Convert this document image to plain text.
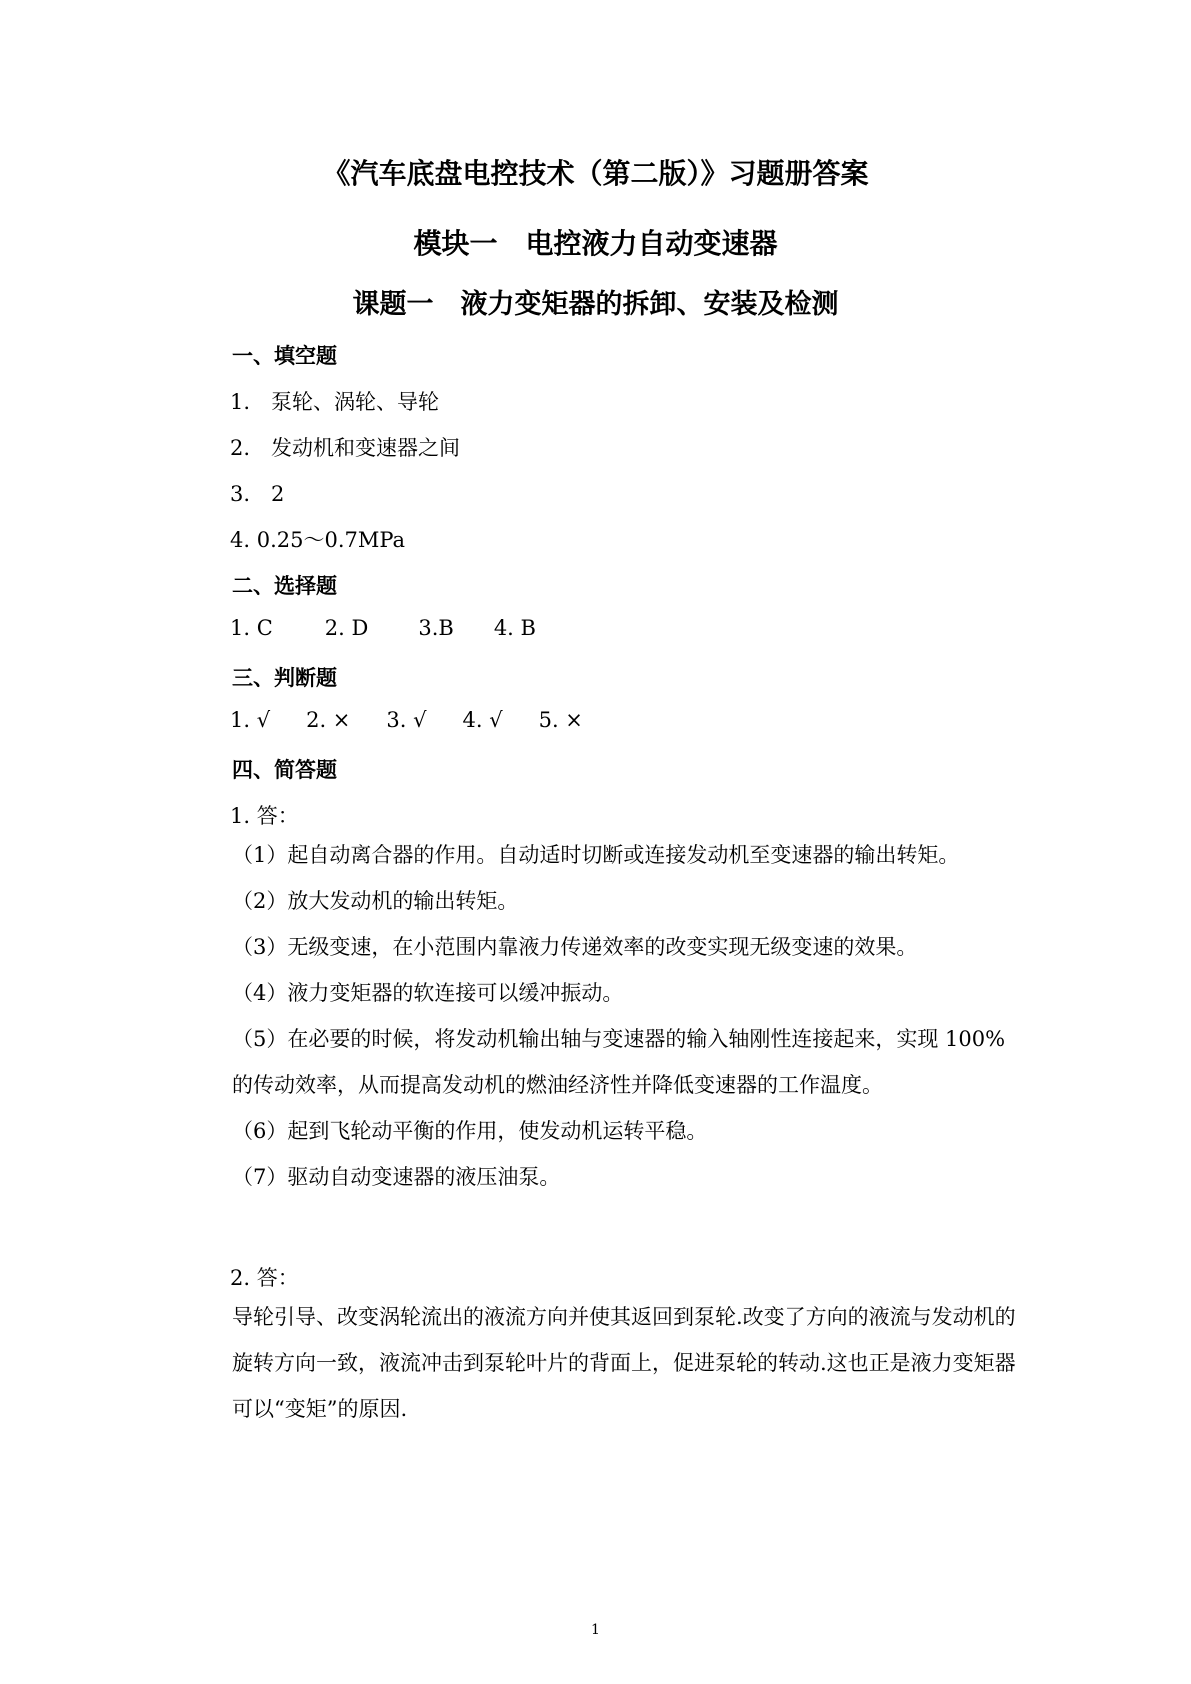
《汽车底盘电控技术（第二版）》习题册答案
模块一　电控液力自动变速器
课题一　液力变矩器的拆卸、安装及检测
一、填空题
1.　泵轮、涡轮、导轮
2.　发动机和变速器之间
3.　2
4. 0.25～0.7MPa
二、选择题
1. C 2. D 3.B 4. B
三、判断题
1. √ 2. × 3. √ 4. √ 5. ×
四、简答题
1. 答：
（1）起自动离合器的作用。自动适时切断或连接发动机至变速器的输出转矩。
（2）放大发动机的输出转矩。
（3）无级变速，在小范围内靠液力传递效率的改变实现无级变速的效果。
（4）液力变矩器的软连接可以缓冲振动。
（5）在必要的时候，将发动机输出轴与变速器的输入轴刚性连接起来，实现 100%的传动效率，从而提高发动机的燃油经济性并降低变速器的工作温度。
（6）起到飞轮动平衡的作用，使发动机运转平稳。
（7）驱动自动变速器的液压油泵。
2. 答：
导轮引导、改变涡轮流出的液流方向并使其返回到泵轮.改变了方向的液流与发动机的旋转方向一致，液流冲击到泵轮叶片的背面上，促进泵轮的转动.这也正是液力变矩器可以“变矩”的原因.
1
